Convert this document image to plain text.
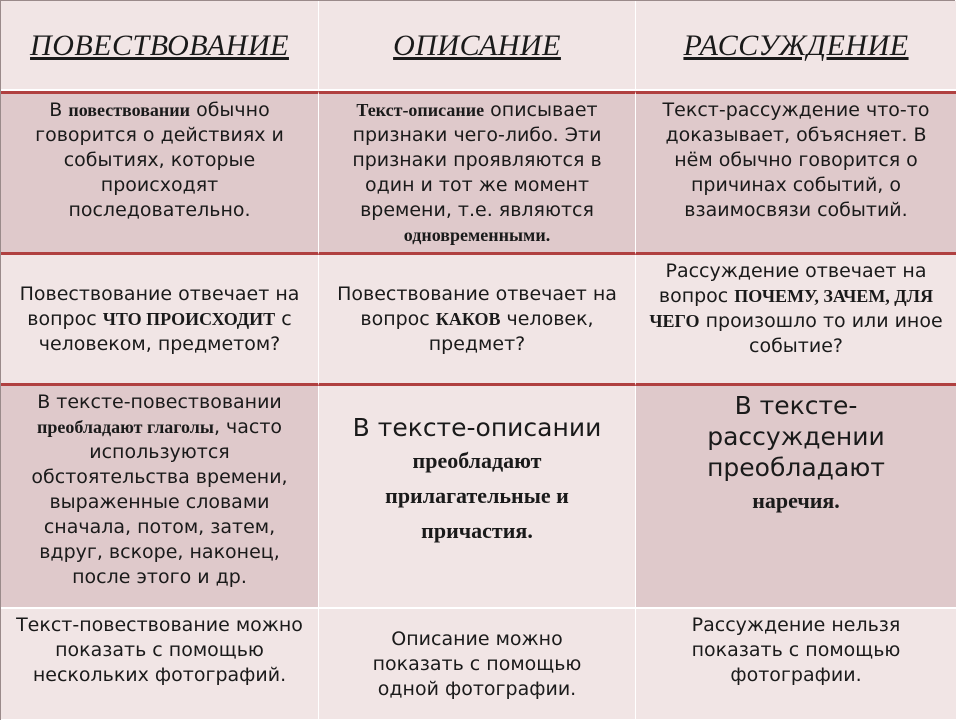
ПОВЕСТВОВАНИЕ	ОПИСАНИЕ	РАССУЖДЕНИЕ
В повествовании обычно говорится о действиях и событиях, которые происходят последовательно.
Текст-описание описывает признаки чего-либо. Эти признаки проявляются в один и тот же момент времени, т.е. являются одновременными.
Текст-рассуждение что-то доказывает, объясняет. В нём обычно говорится о причинах событий, о взаимосвязи событий.
Повествование отвечает на вопрос ЧТО ПРОИСХОДИТ с человеком, предметом?
Повествование отвечает на вопрос КАКОВ человек, предмет?
Рассуждение отвечает на вопрос ПОЧЕМУ, ЗАЧЕМ, ДЛЯ ЧЕГО произошло то или иное событие?
В тексте-повествовании преобладают глаголы, часто используются обстоятельства времени, выраженные словами сначала, потом, затем, вдруг, вскоре, наконец, после этого и др.
В тексте-описании преобладают прилагательные и причастия.
В тексте-рассуждении преобладают наречия.
Текст-повествование можно показать с помощью нескольких фотографий.
Описание можно показать с помощью одной фотографии.
Рассуждение нельзя показать с помощью фотографии.
